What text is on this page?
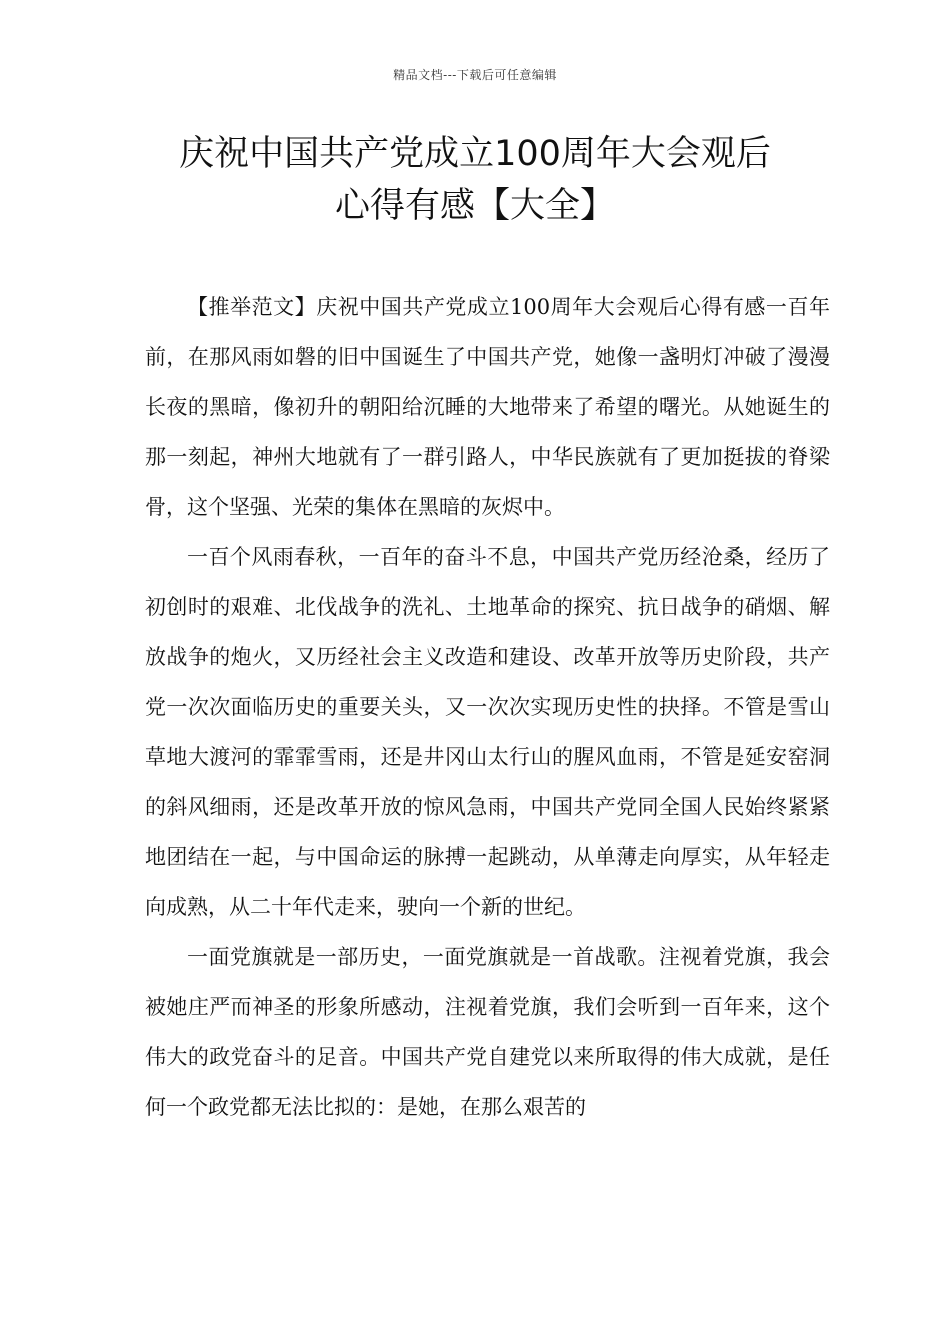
精品文档---下载后可任意编辑
庆祝中国共产党成立100周年大会观后
心得有感【大全】

【推举范文】庆祝中国共产党成立100周年大会观后心得有感一百年前，在那风雨如磐的旧中国诞生了中国共产党，她像一盏明灯冲破了漫漫长夜的黑暗，像初升的朝阳给沉睡的大地带来了希望的曙光。从她诞生的那一刻起，神州大地就有了一群引路人，中华民族就有了更加挺拔的脊梁骨，这个坚强、光荣的集体在黑暗的灰烬中。

一百个风雨春秋，一百年的奋斗不息，中国共产党历经沧桑，经历了初创时的艰难、北伐战争的洗礼、土地革命的探究、抗日战争的硝烟、解放战争的炮火，又历经社会主义改造和建设、改革开放等历史阶段，共产党一次次面临历史的重要关头，又一次次实现历史性的抉择。不管是雪山草地大渡河的霏霏雪雨，还是井冈山太行山的腥风血雨，不管是延安窑洞的斜风细雨，还是改革开放的惊风急雨，中国共产党同全国人民始终紧紧地团结在一起，与中国命运的脉搏一起跳动，从单薄走向厚实，从年轻走向成熟，从二十年代走来，驶向一个新的世纪。

一面党旗就是一部历史，一面党旗就是一首战歌。注视着党旗，我会被她庄严而神圣的形象所感动，注视着党旗，我们会听到一百年来，这个伟大的政党奋斗的足音。中国共产党自建党以来所取得的伟大成就，是任何一个政党都无法比拟的：是她，在那么艰苦的
